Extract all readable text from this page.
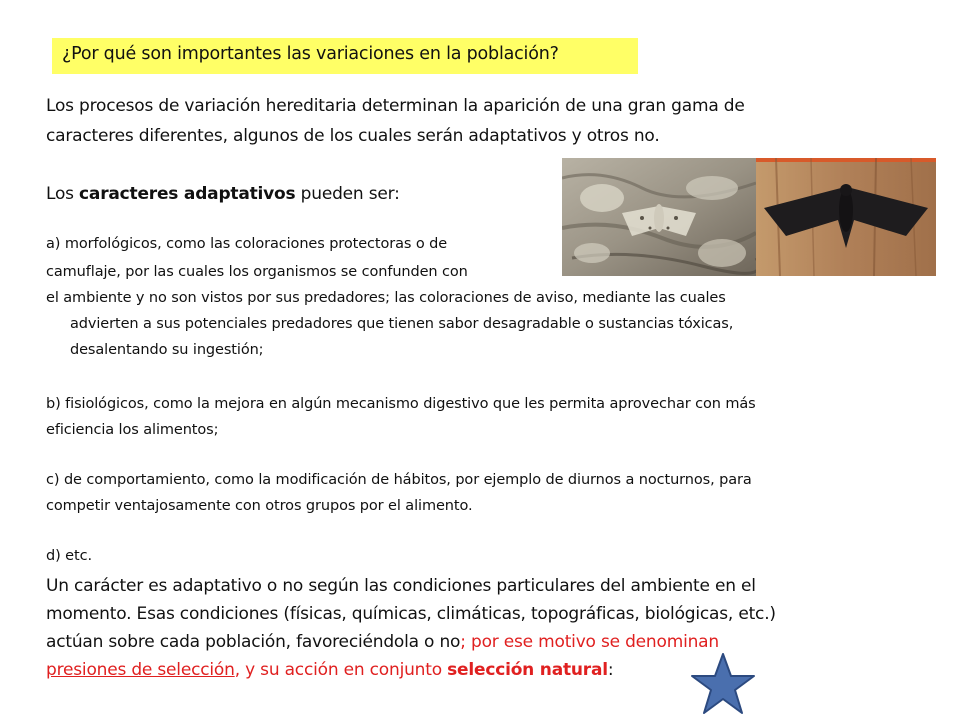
¿Por qué son importantes las variaciones en la población?
Los procesos de variación hereditaria determinan la aparición de una gran gama de
caracteres diferentes, algunos de los cuales serán adaptativos y otros no.
Los caracteres adaptativos pueden ser:
a) morfológicos, como las coloraciones protectoras o de
camuflaje, por las cuales los organismos se confunden con
el ambiente y no son vistos por sus predadores; las coloraciones de aviso, mediante las cuales
advierten a sus potenciales predadores que tienen sabor desagradable o sustancias tóxicas,
desalentando su ingestión;
b) fisiológicos, como la mejora en algún mecanismo digestivo que les permita aprovechar con más
eficiencia los alimentos;
c) de comportamiento, como la modificación de hábitos, por ejemplo de diurnos a nocturnos, para
competir ventajosamente con otros grupos por el alimento.
d) etc.
Un carácter es adaptativo o no según las condiciones particulares del ambiente en el
momento. Esas condiciones (físicas, químicas, climáticas, topográficas, biológicas, etc.)
actúan sobre cada población, favoreciéndola o no; por ese motivo se denominan
presiones de selección, y su acción en conjunto selección natural:
